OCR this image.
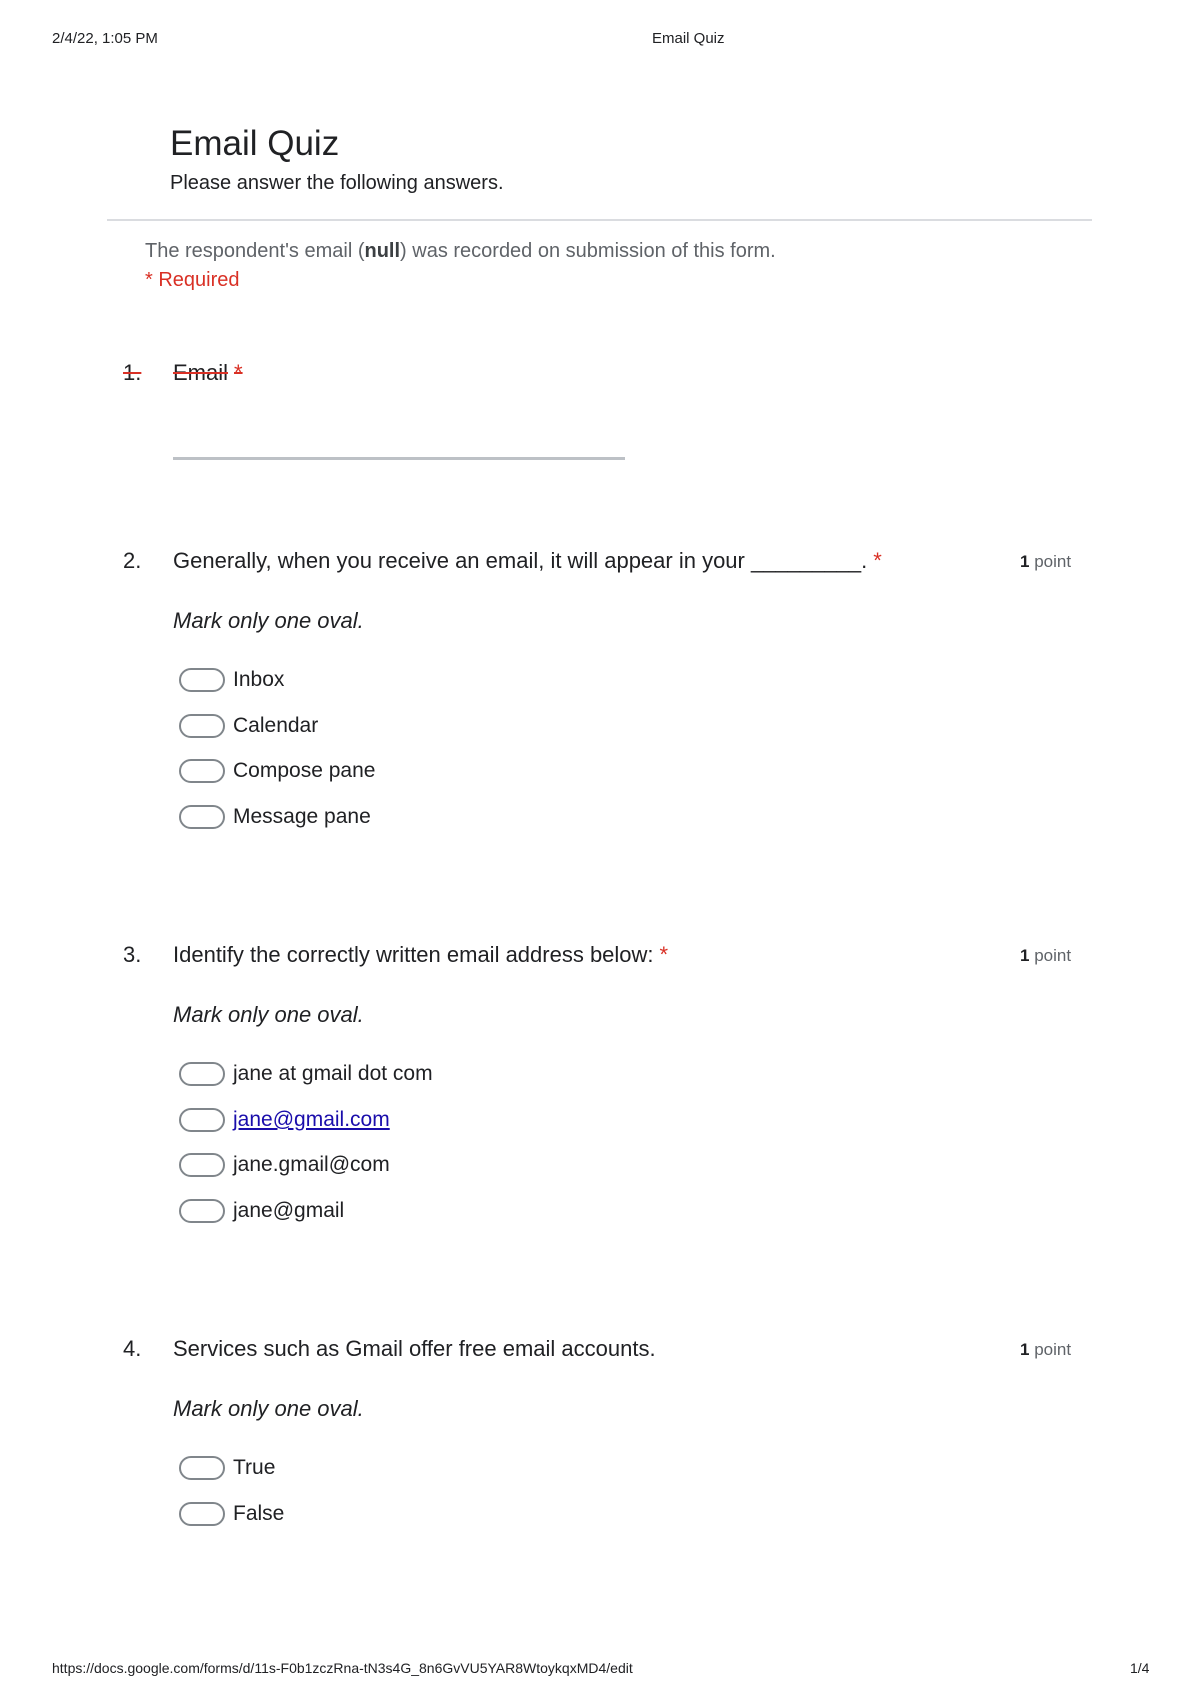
2/4/22, 1:05 PM	Email Quiz
Email Quiz
Please answer the following answers.
The respondent's email (null) was recorded on submission of this form.
* Required
1. Email *
2. Generally, when you receive an email, it will appear in your _________. *	1 point
Mark only one oval.
Inbox
Calendar
Compose pane
Message pane
3. Identify the correctly written email address below: *	1 point
Mark only one oval.
jane at gmail dot com
jane@gmail.com
jane.gmail@com
jane@gmail
4. Services such as Gmail offer free email accounts.	1 point
Mark only one oval.
True
False
https://docs.google.com/forms/d/11s-F0b1zczRna-tN3s4G_8n6GvVU5YAR8WtoykqxMD4/edit	1/4
